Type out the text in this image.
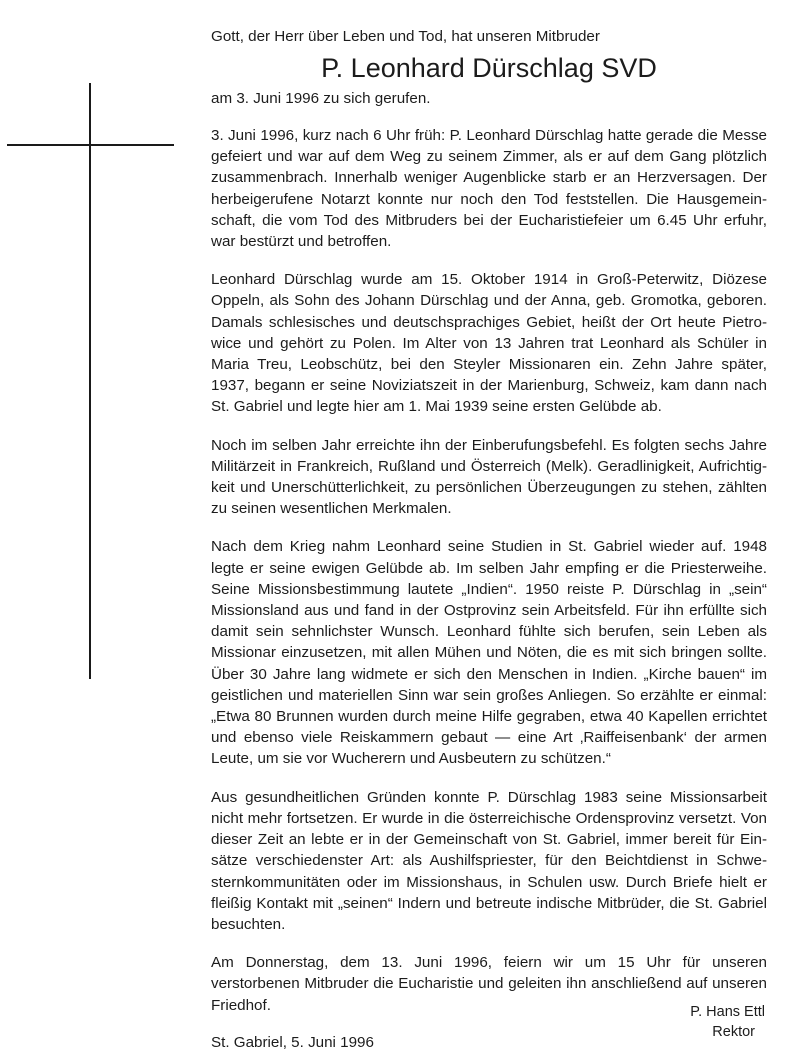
Gott, der Herr über Leben und Tod, hat unseren Mitbruder

P. Leonhard Dürschlag SVD

am 3. Juni 1996 zu sich gerufen.

3. Juni 1996, kurz nach 6 Uhr früh: P. Leonhard Dürschlag hatte gerade die Messe gefeiert und war auf dem Weg zu seinem Zimmer, als er auf dem Gang plötzlich zusammenbrach. Innerhalb weniger Augenblicke starb er an Herzversagen. Der herbeigerufene Notarzt konnte nur noch den Tod feststellen. Die Hausgemeinschaft, die vom Tod des Mitbruders bei der Eucharistiefeier um 6.45 Uhr erfuhr, war bestürzt und betroffen.

Leonhard Dürschlag wurde am 15. Oktober 1914 in Groß-Peterwitz, Diözese Oppeln, als Sohn des Johann Dürschlag und der Anna, geb. Gromotka, geboren. Damals schlesisches und deutschsprachiges Gebiet, heißt der Ort heute Pietrowice und gehört zu Polen. Im Alter von 13 Jahren trat Leonhard als Schüler in Maria Treu, Leobschütz, bei den Steyler Missionaren ein. Zehn Jahre später, 1937, begann er seine Noviziatszeit in der Marienburg, Schweiz, kam dann nach St. Gabriel und legte hier am 1. Mai 1939 seine ersten Gelübde ab.

Noch im selben Jahr erreichte ihn der Einberufungsbefehl. Es folgten sechs Jahre Militärzeit in Frankreich, Rußland und Österreich (Melk). Geradlinigkeit, Aufrichtigkeit und Unerschütterlichkeit, zu persönlichen Überzeugungen zu stehen, zählten zu seinen wesentlichen Merkmalen.

Nach dem Krieg nahm Leonhard seine Studien in St. Gabriel wieder auf. 1948 legte er seine ewigen Gelübde ab. Im selben Jahr empfing er die Priesterweihe. Seine Missionsbestimmung lautete „Indien“. 1950 reiste P. Dürschlag in „sein“ Missionsland aus und fand in der Ostprovinz sein Arbeitsfeld. Für ihn erfüllte sich damit sein sehnlichster Wunsch. Leonhard fühlte sich berufen, sein Leben als Missionar einzusetzen, mit allen Mühen und Nöten, die es mit sich bringen sollte. Über 30 Jahre lang widmete er sich den Menschen in Indien. „Kirche bauen“ im geistlichen und materiellen Sinn war sein großes Anliegen. So erzählte er einmal: „Etwa 80 Brunnen wurden durch meine Hilfe gegraben, etwa 40 Kapellen errichtet und ebenso viele Reiskammern gebaut — eine Art ‚Raiffeisenbank‘ der armen Leute, um sie vor Wucherern und Ausbeutern zu schützen.“

Aus gesundheitlichen Gründen konnte P. Dürschlag 1983 seine Missionsarbeit nicht mehr fortsetzen. Er wurde in die österreichische Ordensprovinz versetzt. Von dieser Zeit an lebte er in der Gemeinschaft von St. Gabriel, immer bereit für Einsätze verschiedenster Art: als Aushilfspriester, für den Beichtdienst in Schwesternkommunitäten oder im Missionshaus, in Schulen usw. Durch Briefe hielt er fleißig Kontakt mit „seinen“ Indern und betreute indische Mitbrüder, die St. Gabriel besuchten.

Am Donnerstag, dem 13. Juni 1996, feiern wir um 15 Uhr für unseren verstorbenen Mitbruder die Eucharistie und geleiten ihn anschließend auf unseren Friedhof.

St. Gabriel, 5. Juni 1996

P. Hans Ettl
Rektor
